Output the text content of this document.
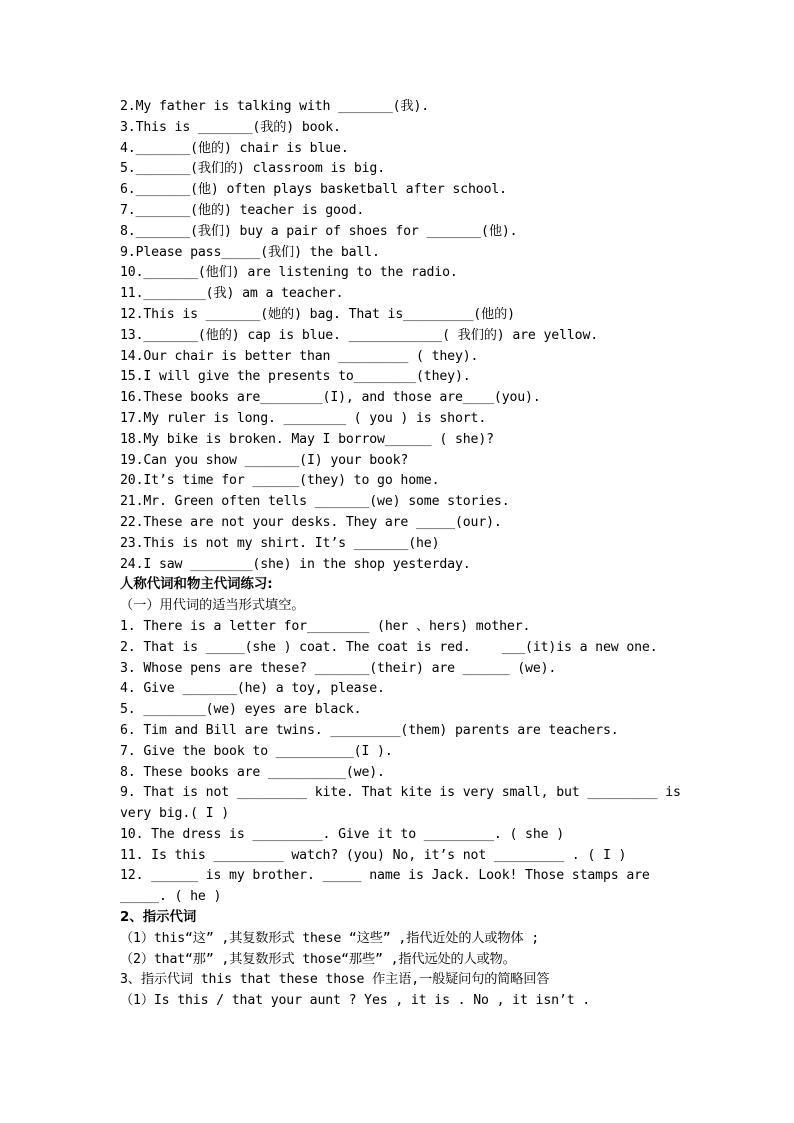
2.My father is talking with _______(我).
3.This is _______(我的) book.
4._______(他的) chair is blue.
5._______(我们的) classroom is big.
6._______(他) often plays basketball after school.
7._______(他的) teacher is good.
8._______(我们) buy a pair of shoes for _______(他).
9.Please pass_____(我们) the ball.
10._______(他们) are listening to the radio.
11.________(我) am a teacher.
12.This is _______(她的) bag. That is_________(他的)
13._______(他的) cap is blue. ____________( 我们的) are yellow.
14.Our chair is better than _________ ( they).
15.I will give the presents to________(they).
16.These books are________(I), and those are____(you).
17.My ruler is long. ________ ( you ) is short.
18.My bike is broken. May I borrow______ ( she)?
19.Can you show _______(I) your book?
20.It’s time for ______(they) to go home.
21.Mr. Green often tells _______(we) some stories.
22.These are not your desks. They are _____(our).
23.This is not my shirt. It’s _______(he)
24.I saw ________(she) in the shop yesterday.
人称代词和物主代词练习:
（一）用代词的适当形式填空。
1. There is a letter for________ (her 、hers) mother.
2. That is _____(she ) coat. The coat is red.    ___(it)is a new one.
3. Whose pens are these? _______(their) are ______ (we).
4. Give _______(he) a toy, please.
5. ________(we) eyes are black.
6. Tim and Bill are twins. _________(them) parents are teachers.
7. Give the book to __________(I ).
8. These books are __________(we).
9. That is not _________ kite. That kite is very small, but _________ is
very big.( I )
10. The dress is _________. Give it to _________. ( she )
11. Is this _________ watch? (you) No, it’s not _________ . ( I )
12. ______ is my brother. _____ name is Jack. Look! Those stamps are
_____. ( he )
2、指示代词
（1）this“这” ,其复数形式 these “这些” ,指代近处的人或物体 ;
（2）that“那” ,其复数形式 those“那些” ,指代远处的人或物。
3、指示代词 this that these those 作主语,一般疑问句的简略回答
（1）Is this / that your aunt ? Yes , it is . No , it isn’t .
